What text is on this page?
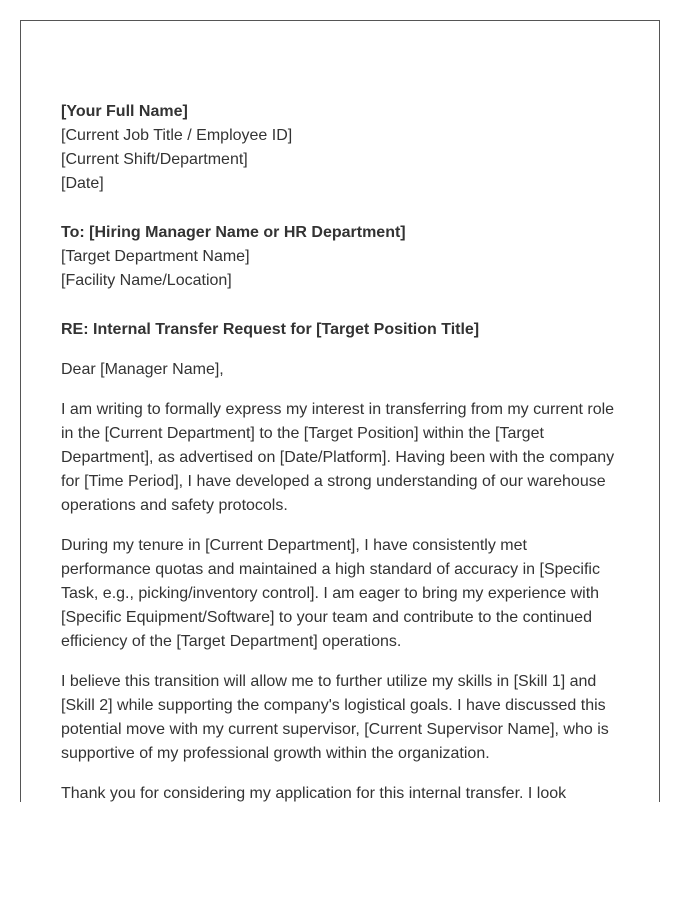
[Your Full Name]
[Current Job Title / Employee ID]
[Current Shift/Department]
[Date]
To: [Hiring Manager Name or HR Department]
[Target Department Name]
[Facility Name/Location]
RE: Internal Transfer Request for [Target Position Title]
Dear [Manager Name],

I am writing to formally express my interest in transferring from my current role
in the [Current Department] to the [Target Position] within the [Target
Department], as advertised on [Date/Platform]. Having been with the company
for [Time Period], I have developed a strong understanding of our warehouse
operations and safety protocols.

During my tenure in [Current Department], I have consistently met
performance quotas and maintained a high standard of accuracy in [Specific
Task, e.g., picking/inventory control]. I am eager to bring my experience with
[Specific Equipment/Software] to your team and contribute to the continued
efficiency of the [Target Department] operations.

I believe this transition will allow me to further utilize my skills in [Skill 1] and
[Skill 2] while supporting the company's logistical goals. I have discussed this
potential move with my current supervisor, [Current Supervisor Name], who is
supportive of my professional growth within the organization.

Thank you for considering my application for this internal transfer. I look
